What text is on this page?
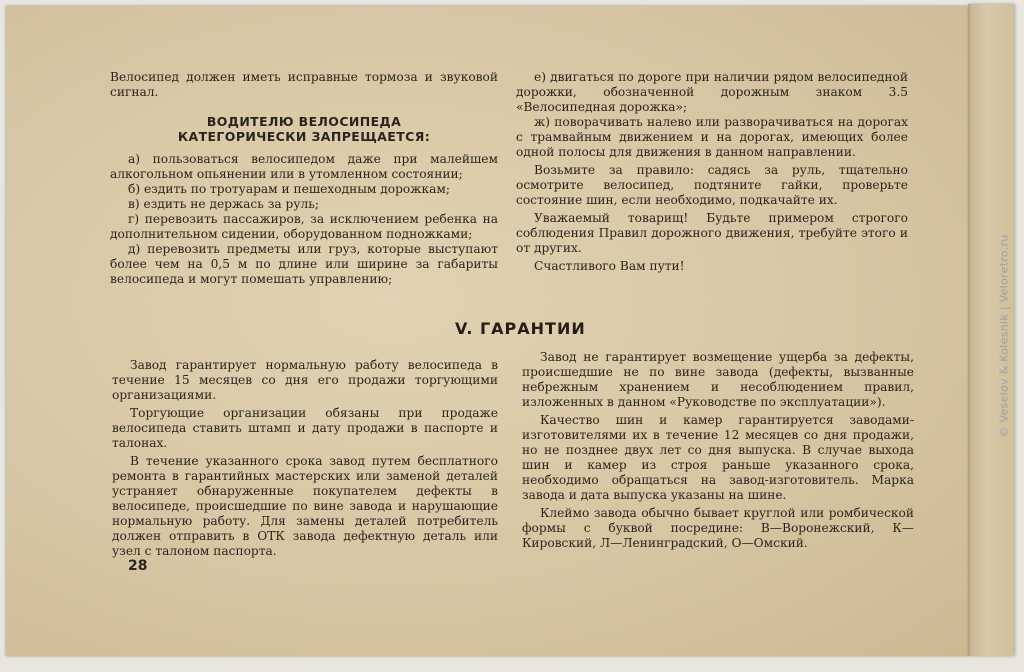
© Veselov & Kolesnik | Veloretro.ru

Велосипед должен иметь исправные тормоза и звуковой сигнал.

ВОДИТЕЛЮ ВЕЛОСИПЕДА
КАТЕГОРИЧЕСКИ ЗАПРЕЩАЕТСЯ:

а) пользоваться велосипедом даже при малейшем алкогольном опьянении или в утомленном состоянии;

б) ездить по тротуарам и пешеходным дорожкам;

в) ездить не держась за руль;

г) перевозить пассажиров, за исключением ребенка на дополнительном сидении, оборудованном подножками;

д) перевозить предметы или груз, которые выступают более чем на 0,5 м по длине или ширине за габариты велосипеда и могут помешать управлению;

е) двигаться по дороге при наличии рядом велосипедной дорожки, обозначенной дорожным знаком 3.5 «Велосипедная дорожка»;

ж) поворачивать налево или разворачиваться на дорогах с трамвайным движением и на дорогах, имеющих более одной полосы для движения в данном направлении.

Возьмите за правило: садясь за руль, тщательно осмотрите велосипед, подтяните гайки, проверьте состояние шин, если необходимо, подкачайте их.

Уважаемый товарищ! Будьте примером строгого соблюдения Правил дорожного движения, требуйте этого и от других.

Счастливого Вам пути!

V. ГАРАНТИИ

Завод гарантирует нормальную работу велосипеда в течение 15 месяцев со дня его продажи торгующими организациями.

Торгующие организации обязаны при продаже велосипеда ставить штамп и дату продажи в паспорте и талонах.

В течение указанного срока завод путем бесплатного ремонта в гарантийных мастерских или заменой деталей устраняет обнаруженные покупателем дефекты в велосипеде, происшедшие по вине завода и нарушающие нормальную работу. Для замены деталей потребитель должен отправить в ОТК завода дефектную деталь или узел с талоном паспорта.

Завод не гарантирует возмещение ущерба за дефекты, происшедшие не по вине завода (дефекты, вызванные небрежным хранением и несоблюдением правил, изложенных в данном «Руководстве по эксплуатации»).

Качество шин и камер гарантируется заводами-изготовителями их в течение 12 месяцев со дня продажи, но не позднее двух лет со дня выпуска. В случае выхода шин и камер из строя раньше указанного срока, необходимо обращаться на завод-изготовитель. Марка завода и дата выпуска указаны на шине.

Клеймо завода обычно бывает круглой или ромбической формы с буквой посредине: В—Воронежский, К—Кировский, Л—Ленинградский, О—Омский.

28
